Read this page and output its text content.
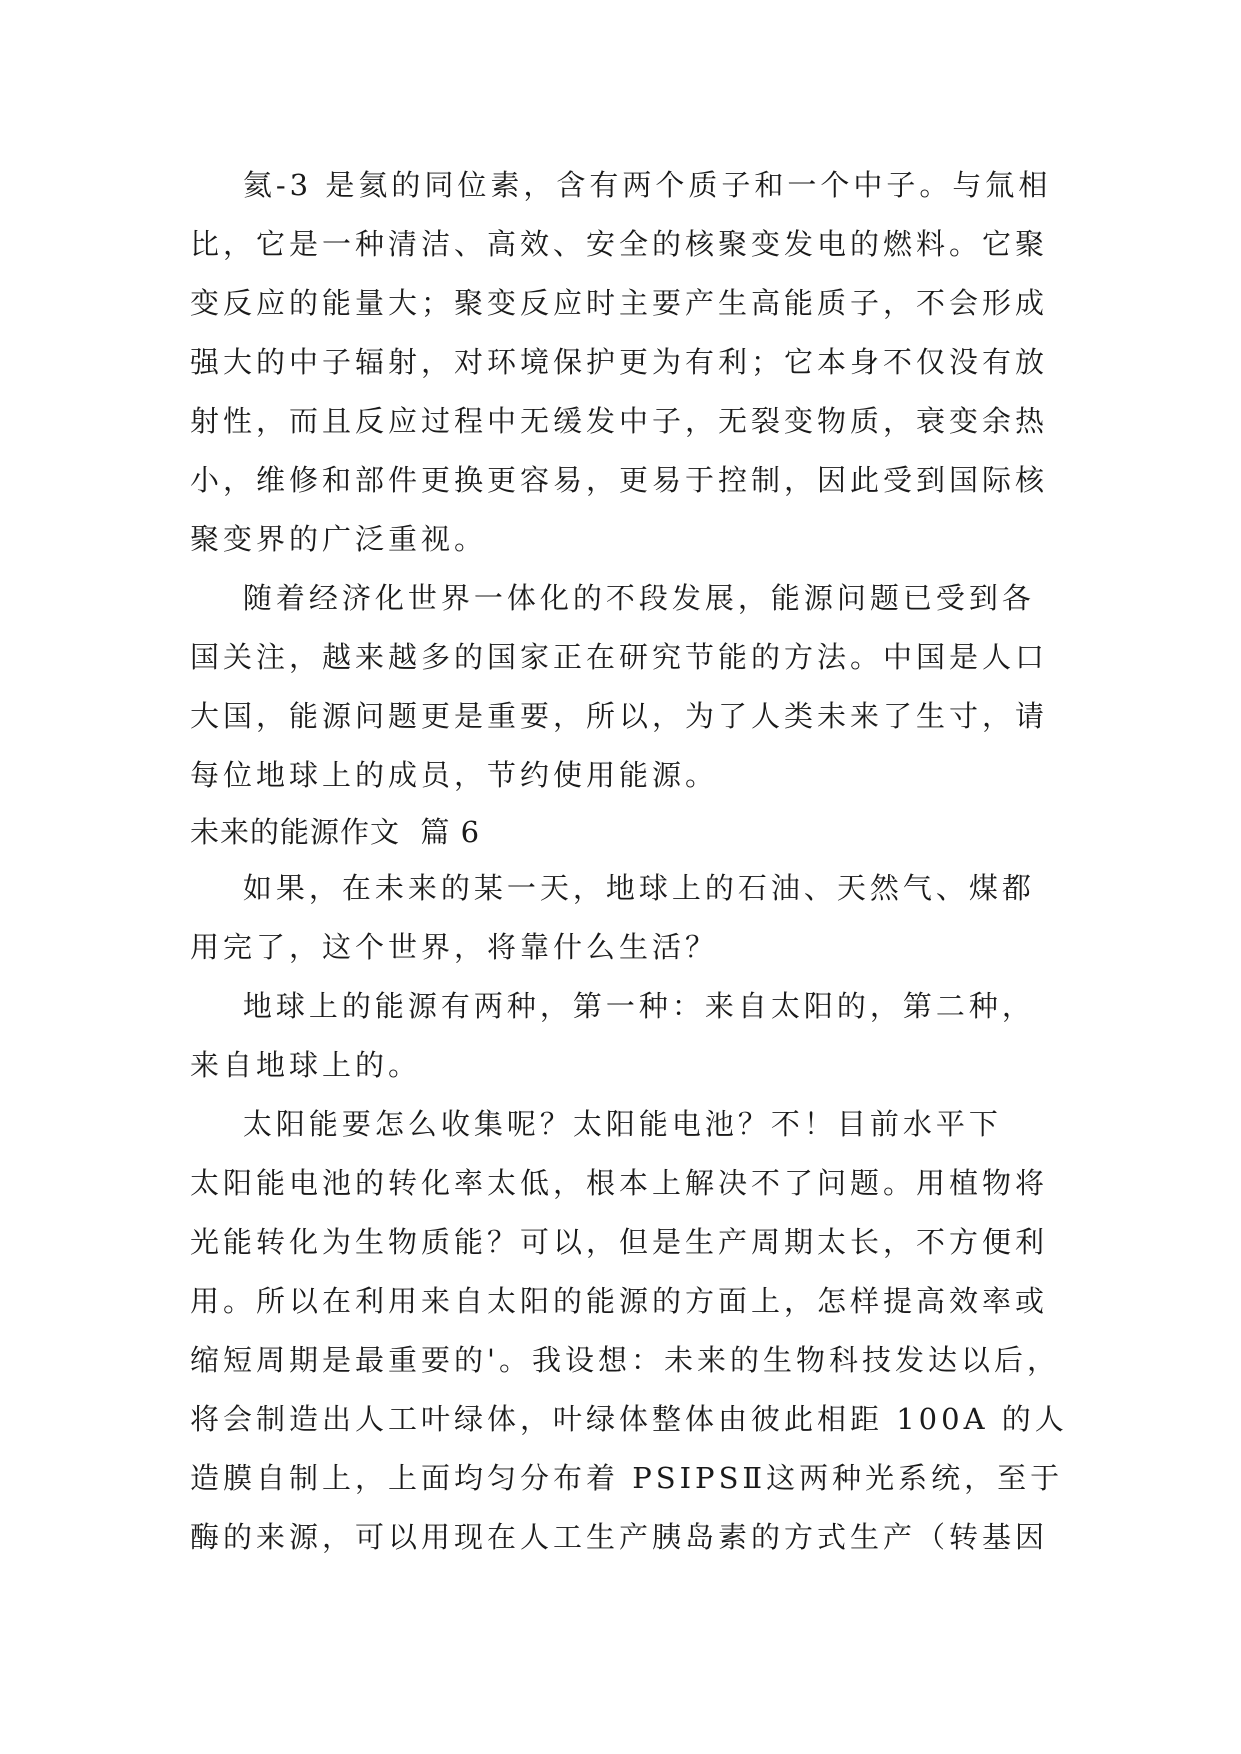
氦-3 是氦的同位素，含有两个质子和一个中子。与氚相
比，它是一种清洁、高效、安全的核聚变发电的燃料。它聚
变反应的能量大；聚变反应时主要产生高能质子，不会形成
强大的中子辐射，对环境保护更为有利；它本身不仅没有放
射性，而且反应过程中无缓发中子，无裂变物质，衰变余热
小，维修和部件更换更容易，更易于控制，因此受到国际核
聚变界的广泛重视。
随着经济化世界一体化的不段发展，能源问题已受到各
国关注，越来越多的国家正在研究节能的方法。中国是人口
大国，能源问题更是重要，所以，为了人类未来了生寸，请
每位地球上的成员，节约使用能源。
未来的能源作文  篇 6
如果，在未来的某一天，地球上的石油、天然气、煤都
用完了，这个世界，将靠什么生活？
地球上的能源有两种，第一种：来自太阳的，第二种，
来自地球上的。
太阳能要怎么收集呢？太阳能电池？不！目前水平下
太阳能电池的转化率太低，根本上解决不了问题。用植物将
光能转化为生物质能？可以，但是生产周期太长，不方便利
用。所以在利用来自太阳的能源的方面上，怎样提高效率或
缩短周期是最重要的'。我设想：未来的生物科技发达以后，
将会制造出人工叶绿体，叶绿体整体由彼此相距 100A 的人
造膜自制上，上面均匀分布着 PSIPSⅡ这两种光系统，至于
酶的来源，可以用现在人工生产胰岛素的方式生产（转基因
